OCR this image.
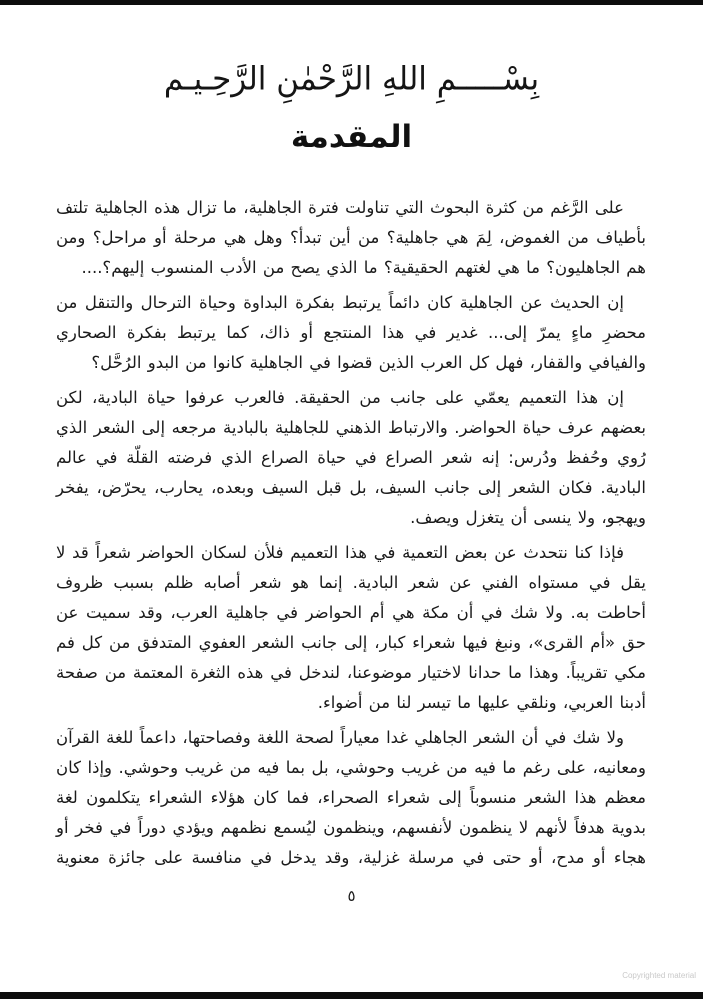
بِسْـــــمِ اللهِ الرَّحْمٰنِ الرَّحِـيـم
المقدمة

على الرَّغم من كثرة البحوث التي تناولت فترة الجاهلية، ما تزال هذه الجاهلية تلتف بأطياف من الغموض، لِمَ هي جاهلية؟ من أين تبدأ؟ وهل هي مرحلة أو مراحل؟ ومن هم الجاهليون؟ ما هي لغتهم الحقيقية؟ ما الذي يصح من الأدب المنسوب إليهم؟....

إن الحديث عن الجاهلية كان دائماً يرتبط بفكرة البداوة وحياة الترحال والتنقل من محضرِ ماءٍ يمرّ إلى... غدير في هذا المنتجع أو ذاك، كما يرتبط بفكرة الصحاري والفيافي والقفار، فهل كل العرب الذين قضوا في الجاهلية كانوا من البدو الرُحَّل؟

إن هذا التعميم يعمّي على جانب من الحقيقة. فالعرب عرفوا حياة البادية، لكن بعضهم عرف حياة الحواضر. والارتباط الذهني للجاهلية بالبادية مرجعه إلى الشعر الذي رُوي وحُفظ ودُرس: إنه شعر الصراع في حياة الصراع الذي فرضته القلّة في عالم البادية. فكان الشعر إلى جانب السيف، بل قبل السيف وبعده، يحارب، يحرّض، يفخر ويهجو، ولا ينسى أن يتغزل ويصف.

فإذا كنا نتحدث عن بعض التعمية في هذا التعميم فلأن لسكان الحواضر شعراً قد لا يقل في مستواه الفني عن شعر البادية. إنما هو شعر أصابه ظلم بسبب ظروف أحاطت به. ولا شك في أن مكة هي أم الحواضر في جاهلية العرب، وقد سميت عن حق «أم القرى»، ونبغ فيها شعراء كبار، إلى جانب الشعر العفوي المتدفق من كل فم مكي تقريباً. وهذا ما حدانا لاختيار موضوعنا، لندخل في هذه الثغرة المعتمة من صفحة أدبنا العربي، ونلقي عليها ما تيسر لنا من أضواء.

ولا شك في أن الشعر الجاهلي غدا معياراً لصحة اللغة وفصاحتها، داعماً للغة القرآن ومعانيه، على رغم ما فيه من غريب وحوشي، بل بما فيه من غريب وحوشي. وإذا كان معظم هذا الشعر منسوباً إلى شعراء الصحراء، فما كان هؤلاء الشعراء يتكلمون لغة بدوية هدفاً لأنهم لا ينظمون لأنفسهم، وينظمون ليُسمع نظمهم ويؤدي دوراً في فخر أو هجاء أو مدح، أو حتى في مرسلة غزلية، وقد يدخل في منافسة على جائزة معنوية

٥
Copyrighted material
